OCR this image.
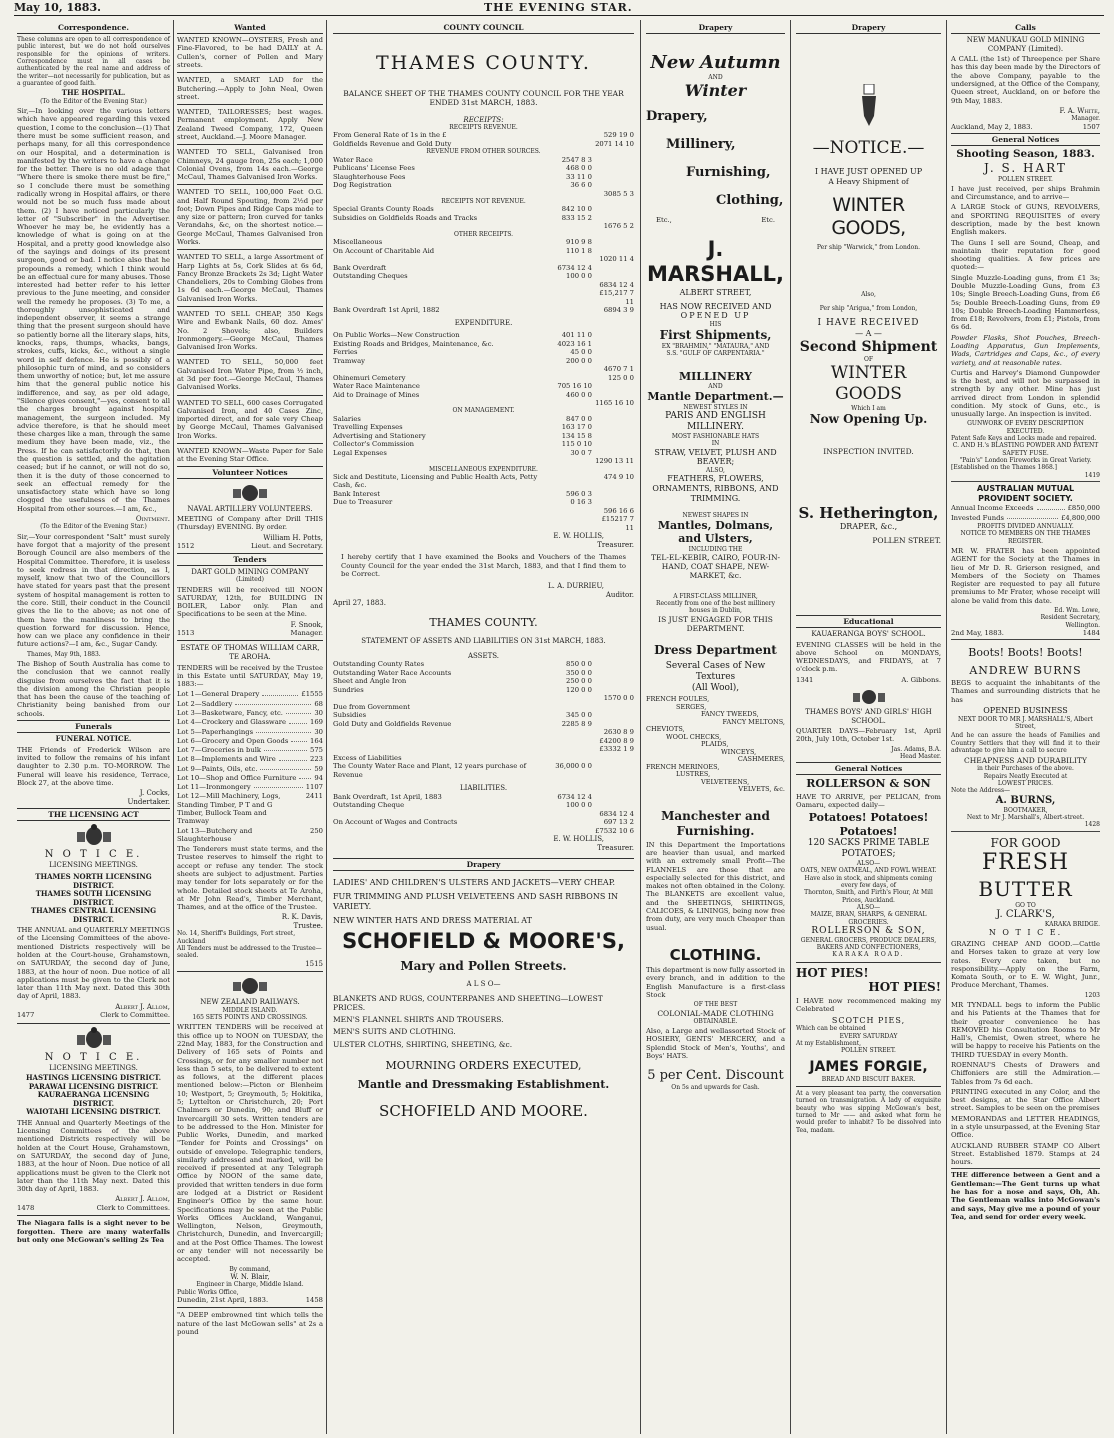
May 10, 1883.	THE EVENING STAR.
Correspondence.
These columns are open to all correspondence of public interest, but we do not hold ourselves responsible for the opinions of writers. Correspondence must in all cases be authenticated by the real name and address of the writer—not necessarily for publication, but as a guarantee of good faith.
THE HOSPITAL.
(To the Editor of the Evening Star.)
Sir,—In looking over the various letters which have appeared regarding this vexed question, I come to the conclusion—(1) That there must be some sufficient reason, and perhaps many, for all this correspondence on our Hospital, and a determination is manifested by the writers to have a change for the better. There is no old adage that "Where there is smoke there must be fire," so I conclude there must be something radically wrong in Hospital affairs, or there would not be so much fuss made about them. (2) I have noticed particularly the letter of "Subscriber" in the Advertiser. Whoever he may be, he evidently has a knowledge of what is going on at the Hospital, and a pretty good knowledge also of the sayings and doings of its present surgeon, good or bad. I notice also that he propounds a remedy, which I think would be an effectual cure for many abuses. Those interested had better refer to his letter previous to the June meeting, and consider well the remedy he proposes. (3) To me, a thoroughly unsophisticated and independent observer, it seems a strange thing that the present surgeon should have so patiently borne all the literary slaps, hits, knocks, raps, thumps, whacks, bangs, strokes, cuffs, kicks, &c., without a single word in self defence. He is possibly of a philosophic turn of mind, and so considers them unworthy of notice; but, let me assure him that the general public notice his indifference, and say, as per old adage, "Silence gives consent,"—yes, consent to all the charges brought against hospital management, the surgeon included. My advice therefore, is that he should meet these charges like a man, through the same medium they have been made, viz., the Press. If he can satisfactorily do that, then the question is settled, and the agitation ceased; but if he cannot, or will not do so, then it is the duty of those concerned to seek an effectual remedy for the unsatisfactory state which have so long clogged the usefulness of the Thames Hospital from other sources.—I am, &c.,
Ointment.
(To the Editor of the Evening Star.)
Sir,—Your correspondent "Salt" must surely have forgot that a majority of the present Borough Council are also members of the Hospital Committee. Therefore, it is useless to seek redress in that direction, as I, myself, know that two of the Councillors have stated for years past that the present system of hospital management is rotten to the core. Still, their conduct in the Council gives the lie to the above; as not one of them have the manliness to bring the question forward for discussion. Hence, how can we place any confidence in their future actions?—I am, &c., Sugar Candy.
Thames, May 9th, 1883.
The Bishop of South Australia has come to the conclusion that we cannot really disguise from ourselves the fact that it is the division among the Christian people that has been the cause of the teaching of Christianity being banished from our schools.
Funerals
FUNERAL NOTICE.
THE Friends of Frederick Wilson are invited to follow the remains of his infant daughter to 2.30 p.m. TO-MORROW. The Funeral will leave his residence, Terrace, Block 27, at the above time.
J. Cocks,
Undertaker.
THE LICENSING ACT
N O T I C E.
LICENSING MEETINGS.
THAMES NORTH LICENSING DISTRICT.
THAMES SOUTH LICENSING DISTRICT.
THAMES CENTRAL LICENSING DISTRICT.
THE ANNUAL and QUARTERLY MEETINGS of the Licensing Committees of the above-mentioned Districts respectively will be holden at the Court-house, Grahamstown, on SATURDAY, the second day of June, 1883, at the hour of noon. Due notice of all applications must be given to the Clerk not later than 11th May next. Dated this 30th day of April, 1883.
Albert J. Allom,
1477	Clerk to Committee.
N O T I C E.
LICENSING MEETINGS.
HASTINGS LICENSING DISTRICT.
PARAWAI LICENSING DISTRICT.
KAURAERANGA LICENSING DISTRICT.
WAIOTAHI LICENSING DISTRICT.
THE Annual and Quarterly Meetings of the Licensing Committees of the above mentioned Districts respectively will be holden at the Court House, Grahamstown, on SATURDAY, the second day of June, 1883, at the hour of Noon. Due notice of all applications must be given to the Clerk not later than the 11th May next. Dated this 30th day of April, 1883.
Albert J. Allom,
1478	Clerk to Committees.
The Niagara falls is a sight never to be forgotten. There are many waterfalls but only one McGowan's selling 2s Tea
Wanted
WANTED KNOWN—OYSTERS, Fresh and Fine-Flavored, to be had DAILY at A. Cullen's, corner of Pollen and Mary streets.
WANTED, a SMART LAD for the Butchering.—Apply to John Neal, Owen street.
WANTED, TAILORESSES; best wages. Permanent employment. Apply New Zealand Tweed Company, 172, Queen street, Auckland.—J. Moore Manager.
WANTED TO SELL, Galvanised Iron Chimneys, 24 gauge Iron, 25s each; 1,000 Colonial Ovens, from 14s each.—George McCaul, Thames Galvanised Iron Works.
WANTED TO SELL, 100,000 Feet O.G. and Half Round Spouting, from 2½d per foot; Down Pipes and Ridge Caps made to any size or pattern; Iron curved for tanks Verandahs, &c, on the shortest notice.—George McCaul, Thames Galvanised Iron Works.
WANTED TO SELL, a large Assortment of Harp Lights at 5s, Cork Slides at 6s 6d, Fancy Bronze Brackets 2s 3d; Light Water Chandeliers, 20s to Combing Globes from 1s 6d each.—George McCaul, Thames Galvanised Iron Works.
WANTED TO SELL CHEAP, 350 Kegs Wire and Ewbank Nails, 60 doz. Ames' No. 2 Shovels; also, Builders Ironmongery.—George McCaul, Thames Galvanised Iron Works.
WANTED TO SELL, 50,000 feet Galvanised Iron Water Pipe, from ½ inch, at 3d per foot.—George McCaul, Thames Galvanised Works.
WANTED TO SELL, 600 cases Corrugated Galvanised Iron, and 40 Cases Zinc, imported direct, and for sale very Cheap by George McCaul, Thames Galvanised Iron Works.
WANTED KNOWN—Waste Paper for Sale at the Evening Star Office.
Volunteer Notices
NAVAL ARTILLERY VOLUNTEERS.
MEETING of Company after Drill THIS (Thursday) EVENING. By order.
William H. Potts,
1512	Lieut. and Secretary.
Tenders
DART GOLD MINING COMPANY
(Limited)
TENDERS will be received till NOON SATURDAY, 12th, for BUILDING IN BOILER, Labor only. Plan and Specifications to be seen at the Mine.
F. Snook,
1513	Manager.
ESTATE OF THOMAS WILLIAM CARR, TE AROHA.
TENDERS will be received by the Trustee in this Estate until SATURDAY, May 19, 1883:—
Lot 1—General Drapery	£1555
Lot 2—Saddlery	68
Lot 3—Basketware, Fancy, etc.	30
Lot 4—Crockery and Glassware	169
Lot 5—Paperhangings	30
Lot 6—Grocery and Open Goods	164
Lot 7—Groceries in bulk	575
Lot 8—Implements and Wire	223
Lot 9—Paints, Oils, etc.	59
Lot 10—Shop and Office Furniture	94
Lot 11—Ironmongery	1107
Lot 12—Mill Machinery, Logs, Standing Timber, P T and G Timber, Bullock Team and Tramway
2411
Lot 13—Butchery and Slaughterhouse
250
The Tenderers must state terms, and the Trustee reserves to himself the right to accept or refuse any tender. The stock sheets are subject to adjustment. Parties may tender for lots separately or for the whole. Detailed stock sheets at Te Aroha, at Mr John Read's, Timber Merchant, Thames, and at the office of the Trustee.
R. K. Davis,
Trustee.
No. 14, Sheriff's Buildings, Fort street, Auckland
All Tenders must be addressed to the Trustee—sealed.
1515
NEW ZEALAND RAILWAYS.
MIDDLE ISLAND.
165 SETS POINTS AND CROSSINGS.
WRITTEN TENDERS will be received at this office up to NOON on TUESDAY, the 22nd May, 1883, for the Construction and Delivery of 165 sets of Points and Crossings, or for any smaller number not less than 5 sets, to be delivered to extent as follows, at the different places mentioned below:—Picton or Blenheim 10; Westport, 5; Greymouth, 5; Hokitika, 5; Lyttelton or Christchurch, 20; Port Chalmers or Dunedin, 90; and Bluff or Invercargill 30 sets. Written tenders are to be addressed to the Hon. Minister for Public Works, Dunedin, and marked "Tender for Points and Crossings" on outside of envelope. Telegraphic tenders, similarly addressed and marked, will be received if presented at any Telegraph Office by NOON of the same date, provided that written tenders in due form are lodged at a District or Resident Engineer's Office by the same hour. Specifications may be seen at the Public Works Offices Auckland, Wanganui, Wellington, Nelson, Greymouth, Christchurch, Dunedin, and Invercargill; and at the Post Office Thames. The lowest or any tender will not necessarily be accepted.
By command,
W. N. Blair,
Engineer in Charge, Middle Island.
Public Works Office,
Dunedin, 21st April, 1883.	1458
"A DEEP embrowned tint which tells the nature of the last McGowan sells" at 2s a pound
COUNTY COUNCIL
THAMES COUNTY.
BALANCE SHEET OF THE THAMES COUNTY COUNCIL FOR THE YEAR ENDED 31st MARCH, 1883.
RECEIPTS:
RECEIPTS REVENUE.
From General Rate of 1s in the £	529 19 0
Goldfields Revenue and Gold Duty	2071 14 10
REVENUE FROM OTHER SOURCES.
Water Race	2547 8 3
Publicans' License Fees	468 0 0
Slaughterhouse Fees	33 11 0
Dog Registration	36 6 0
3085 5 3
RECEIPTS NOT REVENUE.
Special Grants County Roads	842 10 0
Subsidies on Goldfields Roads and Tracks	833 15 2
1676 5 2
OTHER RECEIPTS.
Miscellaneous	910 9 8
On Account of Charitable Aid	110 1 8
1020 11 4
Bank Overdraft	6734 12 4
Outstanding Cheques	100 0 0
6834 12 4
£15,217 7 11
Bank Overdraft 1st April, 1882	6894 3 9
EXPENDITURE.
On Public Works—New Construction	401 11 0
Existing Roads and Bridges, Maintenance, &c.	4023 16 1
Ferries	45 0 0
Tramway	200 0 0
4670 7 1
Ohinemuri Cemetery	125 0 0
Water Race Maintenance	705 16 10
Aid to Drainage of Mines	460 0 0
1165 16 10
ON MANAGEMENT.
Salaries	847 0 0
Travelling Expenses	163 17 0
Advertising and Stationery	134 15 8
Collector's Commission	115 0 10
Legal Expenses	30 0 7
1290 13 11
MISCELLANEOUS EXPENDITURE.
Sick and Destitute, Licensing and Public Health Acts, Petty Cash, &c.
474 9 10
Bank Interest	596 0 3
Due to Treasurer	0 16 3
596 16 6
£15217 7 11
E. W. HOLLIS,
Treasurer.
I hereby certify that I have examined the Books and Vouchers of the Thames County Council for the year ended the 31st March, 1883, and that I find them to be Correct.
L. A. DURRIEU,
Auditor.
April 27, 1883.
THAMES COUNTY.
STATEMENT OF ASSETS AND LIABILITIES ON 31st MARCH, 1883.
ASSETS.
Outstanding County Rates	850 0 0
Outstanding Water Race Accounts	350 0 0
Sheet and Angle Iron	250 0 0
Sundries	120 0 0
1570 0 0
Due from Government
Subsidies	345 0 0
Gold Duty and Goldfields Revenue	2285 8 9
2630 8 9
£4200 8 9
£3332 1 9
Excess of Liabilities
The County Water Race and Plant, 12 years purchase of Revenue
36,000 0 0
LIABILITIES.
Bank Overdraft, 1st April, 1883	6734 12 4
Outstanding Cheque	100 0 0
6834 12 4
On Account of Wages and Contracts	697 13 2
£7532 10 6
E. W. HOLLIS,
Treasurer.
Drapery
LADIES' AND CHILDREN'S ULSTERS AND JACKETS—VERY CHEAP.
FUR TRIMMING AND PLUSH VELVETEENS AND SASH RIBBONS IN VARIETY.
NEW WINTER HATS AND DRESS MATERIAL AT
SCHOFIELD & MOORE'S,
Mary and Pollen Streets.
A L S O—
BLANKETS AND RUGS, COUNTERPANES AND SHEETING—LOWEST PRICES.
MEN'S FLANNEL SHIRTS AND TROUSERS.
MEN'S SUITS AND CLOTHING.
ULSTER CLOTHS, SHIRTING, SHEETING, &c.
MOURNING ORDERS EXECUTED,
Mantle and Dressmaking Establishment.
SCHOFIELD AND MOORE.
Drapery
New Autumn
AND
Winter
Drapery,
Millinery,
Furnishing,
Clothing,
Etc.,	Etc.
J. MARSHALL,
ALBERT STREET,
HAS NOW RECEIVED AND
OPENED UP
HIS
First Shipments,
EX "BRAHMIN," "MATAURA," AND
S.S. "GULF OF CARPENTARIA."
MILLINERY
AND
Mantle Department.—
NEWEST STYLES IN
PARIS AND ENGLISH MILLINERY.
MOST FASHIONABLE HATS
IN
STRAW, VELVET, PLUSH AND BEAVER;
ALSO,
FEATHERS, FLOWERS, ORNAMENTS, RIBBONS, AND TRIMMING.
NEWEST SHAPES IN
Mantles, Dolmans, and Ulsters,
INCLUDING THE
TEL-EL-KEBIR, CAIRO, FOUR-IN-HAND, COAT SHAPE, NEW-MARKET, &c.
A FIRST-CLASS MILLINER,
Recently from one of the best millinery houses in Dublin,
IS JUST ENGAGED FOR THIS DEPARTMENT.
Dress Department
Several Cases of New Textures
(All Wool),
FRENCH FOULES,
SERGES,
FANCY TWEEDS,
FANCY MELTONS,
CHEVIOTS,
WOOL CHECKS,
PLAIDS,
WINCEYS,
CASHMERES,
FRENCH MERINOES,
LUSTRES,
VELVETEENS,
VELVETS, &c.
Manchester and Furnishing.
IN this Department the Importations are heavier than usual, and marked with an extremely small Profit—The FLANNELS are those that are especially selected for this district, and makes not often obtained in the Colony. The BLANKETS are excellent value, and the SHEETINGS, SHIRTINGS, CALICOES, & LININGS, being now free from duty, are very much Cheaper than usual.
CLOTHING.
This department is now fully assorted in every branch, and in addition to the English Manufacture is a first-class Stock
OF THE BEST
COLONIAL-MADE CLOTHING
OBTAINABLE.
Also, a Large and wellassorted Stock of HOSIERY, GENTS' MERCERY, and a Splendid Stock of Men's, Youths', and Boys' HATS.
5 per Cent. Discount
On 5s and upwards for Cash.
Drapery
—NOTICE.—
I HAVE JUST OPENED UP
A Heavy Shipment of
WINTER GOODS,
Per ship "Warwick," from London.
Also,
Per ship "Arigua," from London,
I HAVE RECEIVED
— A —
Second Shipment
OF
WINTER GOODS
Which I am
Now Opening Up.
INSPECTION INVITED.
S. Hetherington,
DRAPER, &c.,
POLLEN STREET.
Educational
KAUAERANGA BOYS' SCHOOL.
EVENING CLASSES will be held in the above School on MONDAYS, WEDNESDAYS, and FRIDAYS, at 7 o'clock p.m.
1341	A. Gibbons.
THAMES BOYS' AND GIRLS' HIGH SCHOOL.
QUARTER DAYS—February 1st, April 20th, July 10th, October 1st.
Jas. Adams, B.A.
Head Master.
General Notices
ROLLERSON & SON
HAVE TO ARRIVE, per PELICAN, from Oamaru, expected daily—
Potatoes! Potatoes! Potatoes!
120 SACKS PRIME TABLE POTATOES;
ALSO—
OATS, NEW OATMEAL, AND FOWL WHEAT.
Have also in stock, and shipments coming every few days, of
Thornton, Smith, and Firth's Flour, At Mill Prices, Auckland.
ALSO—
MAIZE, BRAN, SHARPS, & GENERAL GROCERIES.
ROLLERSON & SON,
GENERAL GROCERS, PRODUCE DEALERS, BAKERS AND CONFECTIONERS,
KARAKA ROAD.
HOT PIES!
HOT PIES!
I HAVE now recommenced making my Celebrated
SCOTCH PIES,
Which can be obtained
EVERY SATURDAY
At my Establishment,
POLLEN STREET.
JAMES FORGIE,
BREAD AND BISCUIT BAKER.
At a very pleasant tea party, the conversation turned on transmigration. A lady of exquisite beauty who was sipping McGowan's best, turned to Mr —— and asked what form he would prefer to inhabit? To be dissolved into Tea, madam.
Calls
NEW MANUKAU GOLD MINING COMPANY (Limited).
A CALL (the 1st) of Threepence per Share has this day been made by the Directors of the above Company, payable to the undersigned, at the Office of the Company, Queen street, Auckland, on or before the 9th May, 1883.
F. A. White,
Manager.
Auckland, May 2, 1883.	1507
General Notices
Shooting Season, 1883.
J. S. HART
POLLEN STREET.
I have just received, per ships Brahmin and Circumstance, and to arrive—
A LARGE Stock of GUNS, REVOLVERS, and SPORTING REQUISITES of every description, made by the best known English makers.
The Guns I sell are Sound, Cheap, and maintain their reputation for good shooting qualities. A few prices are quoted:—
Single Muzzle-Loading guns, from £1 3s; Double Muzzle-Loading Guns, from £3 10s; Single Breech-Loading Guns, from £6 5s; Double Breech-Loading Guns, from £9 10s; Double Breech-Loading Hammerless, from £18; Revolvers, from £1; Pistols, from 6s 6d.
Powder Flasks, Shot Pouches, Breech-Loading Apparatus, Gun Implements, Wads, Cartridges and Caps, &c., of every variety, and at reasonable rates.
Curtis and Harvey's Diamond Gunpowder is the best, and will not be surpassed in strength by any other. Mine has just arrived direct from London in splendid condition. My stock of Guns, etc., is unusually large. An inspection is invited.
GUNWORK OF EVERY DESCRIPTION EXECUTED.
Patent Safe Keys and Locks made and repaired.
C. AND H.'s BLASTING POWDER AND PATENT SAFETY FUSE.
"Pain's" London Fireworks in Great Variety.
[Established on the Thames 1868.]
1419
AUSTRALIAN MUTUAL PROVIDENT SOCIETY.
Annual Income Exceeds	£850,000
Invested Funds	£4,800,000
PROFITS DIVIDED ANNUALLY.
NOTICE TO MEMBERS ON THE THAMES REGISTER.
MR W. FRATER has been appointed AGENT for the Society at the Thames in lieu of Mr D. R. Grierson resigned, and Members of the Society on Thames Register are requested to pay all future premiums to Mr Frater, whose receipt will alone be valid from this date.
Ed. Wm. Lowe,
Resident Secretary,
Wellington.
2nd May, 1883.	1484
Boots! Boots! Boots!
ANDREW BURNS
BEGS to acquaint the inhabitants of the Thames and surrounding districts that he has
OPENED BUSINESS
NEXT DOOR TO MR J. MARSHALL'S, Albert Street,
And he can assure the heads of Families and Country Settlers that they will find it to their advantage to give him a call to secure
CHEAPNESS AND DURABILITY
in their Purchases of the above.
Repairs Neatly Executed at
LOWEST PRICES.
Note the Address—
A. BURNS,
BOOTMAKER,
Next to Mr J. Marshall's, Albert-street.
1428
FOR GOOD
FRESH
BUTTER
GO TO
J. CLARK'S,
KARAKA BRIDGE.
N O T I C E.
GRAZING CHEAP AND GOOD.—Cattle and Horses taken to graze at very low rates. Every care taken, but no responsibility.—Apply on the Farm, Komata South, or to E. W. Wight, Junr., Produce Merchant, Thames.
1203
MR TYNDALL begs to inform the Public and his Patients at the Thames that for their greater convenience he has REMOVED his Consultation Rooms to Mr Hall's, Chemist, Owen street, where he will be happy to receive his Patients on the THIRD TUESDAY in every Month.
ROENNAU'S Chests of Drawers and Chiffoniers are still the Admiration.—Tables from 7s 6d each.
PRINTING executed in any Color, and the best designs, at the Star Office Albert street. Samples to be seen on the premises
MEMORANDAS and LETTER HEADINGS, in a style unsurpassed, at the Evening Star Office.
AUCKLAND RUBBER STAMP CO Albert Street. Established 1879. Stamps at 24 hours.
THE difference between a Gent and a Gentleman:—The Gent turns up what he has for a nose and says, Oh, Ah. The Gentleman walks into McGowan's and says, May give me a pound of your Tea, and send for order every week.
